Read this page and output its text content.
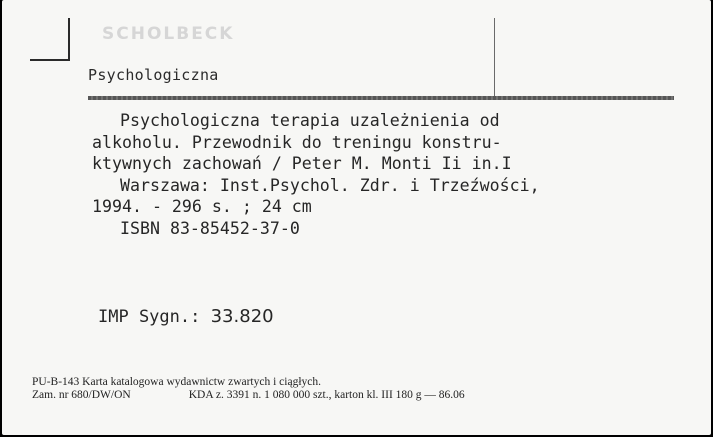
SCHOLBECK
Psychologiczna
Psychologiczna terapia uzależnienia od
alkoholu. Przewodnik do treningu konstru-
ktywnych zachowań / Peter M. Monti Ii in.I
Warszawa: Inst.Psychol. Zdr. i Trzeźwości,
1994. - 296 s. ; 24 cm
ISBN 83-85452-37-0
IMP Sygn.: 33.820
PU-B-143 Karta katalogowa wydawnictw zwartych i ciągłych.
Zam. nr 680/DW/ON	KDA z. 3391 n. 1 080 000 szt., karton kl. III 180 g — 86.06
